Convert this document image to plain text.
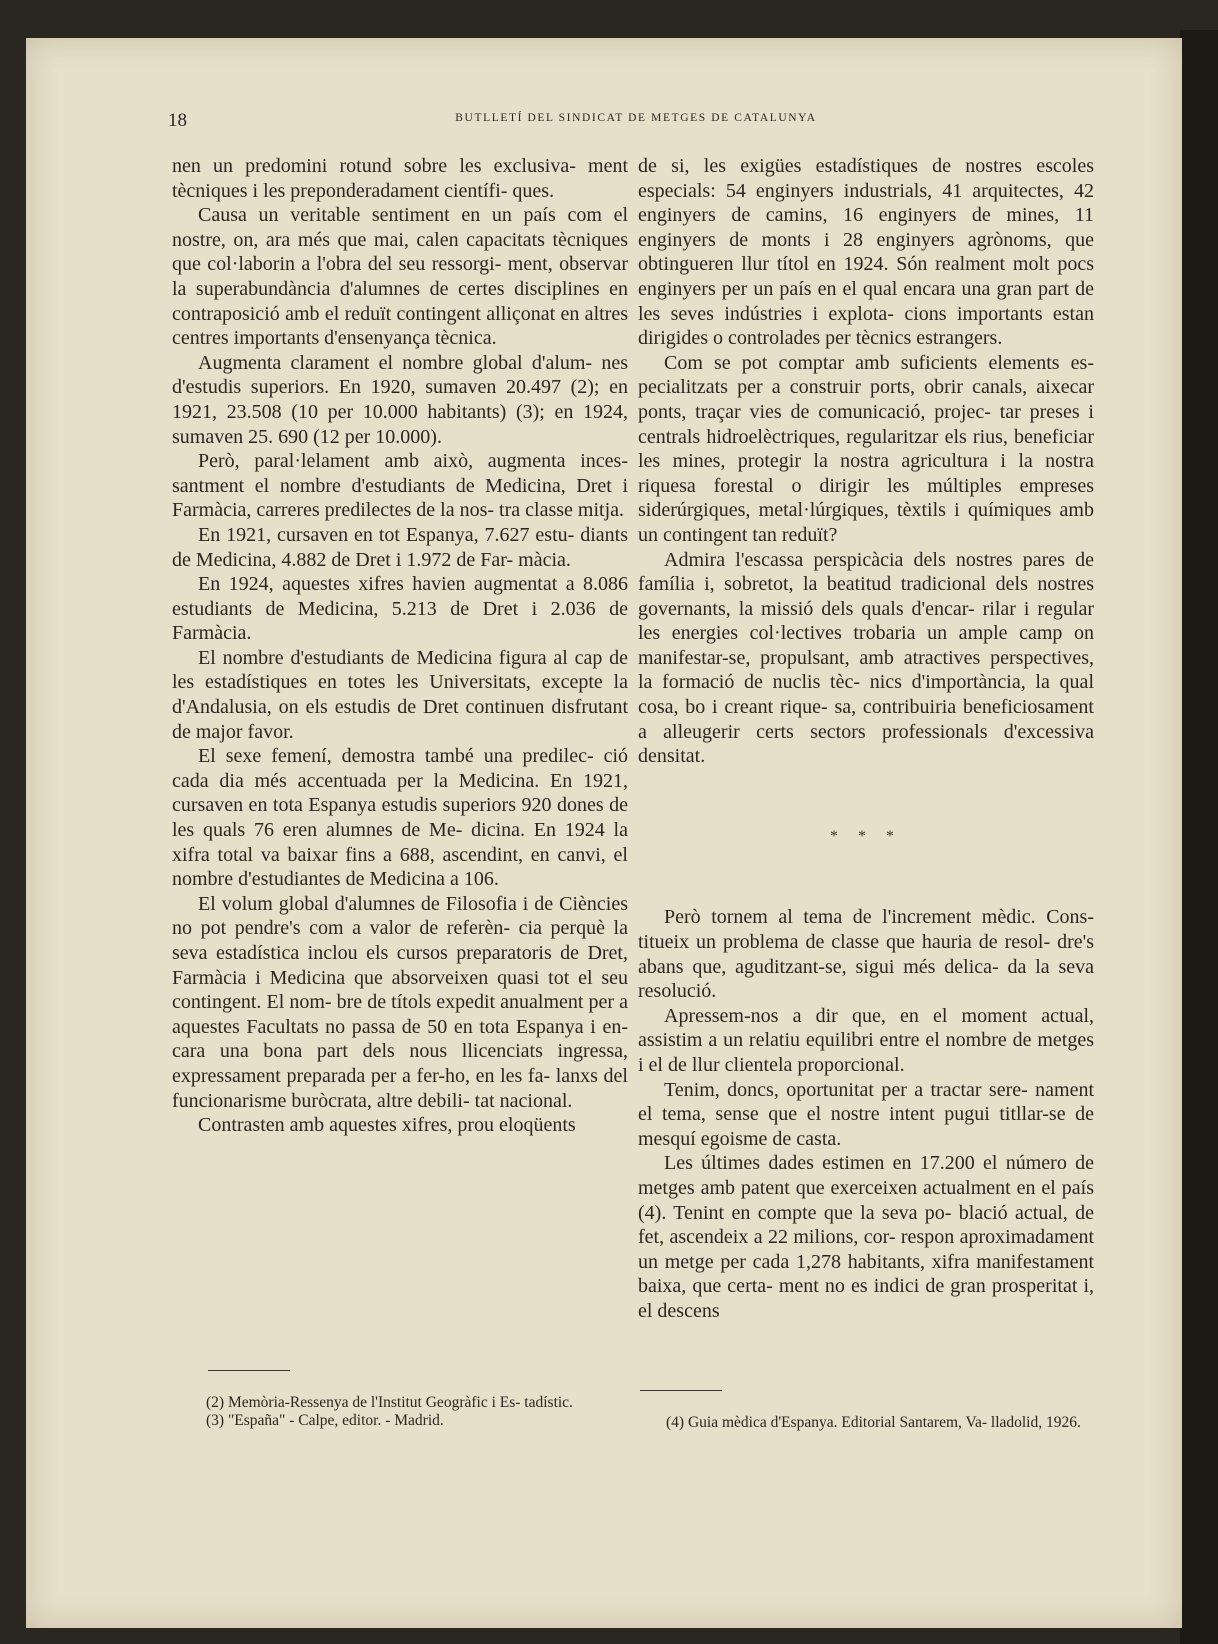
18	BUTLLETÍ DEL SINDICAT DE METGES DE CATALUNYA

nen un predomini rotund sobre les exclusiva- ment tècniques i les preponderadament científi- ques.

Causa un veritable sentiment en un país com el nostre, on, ara més que mai, calen capacitats tècniques que col·laborin a l'obra del seu ressorgi- ment, observar la superabundància d'alumnes de certes disciplines en contraposició amb el reduït contingent alliçonat en altres centres importants d'ensenyança tècnica.

Augmenta clarament el nombre global d'alum- nes d'estudis superiors. En 1920, sumaven 20.497 (2); en 1921, 23.508 (10 per 10.000 habitants) (3); en 1924, sumaven 25. 690 (12 per 10.000).

Però, paral·lelament amb això, augmenta inces- santment el nombre d'estudiants de Medicina, Dret i Farmàcia, carreres predilectes de la nos- tra classe mitja.

En 1921, cursaven en tot Espanya, 7.627 estu- diants de Medicina, 4.882 de Dret i 1.972 de Far- màcia.

En 1924, aquestes xifres havien augmentat a 8.086 estudiants de Medicina, 5.213 de Dret i 2.036 de Farmàcia.

El nombre d'estudiants de Medicina figura al cap de les estadístiques en totes les Universitats, excepte la d'Andalusia, on els estudis de Dret continuen disfrutant de major favor.

El sexe femení, demostra també una predilec- ció cada dia més accentuada per la Medicina. En 1921, cursaven en tota Espanya estudis superiors 920 dones de les quals 76 eren alumnes de Me- dicina. En 1924 la xifra total va baixar fins a 688, ascendint, en canvi, el nombre d'estudiantes de Medicina a 106.

El volum global d'alumnes de Filosofia i de Ciències no pot pendre's com a valor de referèn- cia perquè la seva estadística inclou els cursos preparatoris de Dret, Farmàcia i Medicina que absorveixen quasi tot el seu contingent. El nom- bre de títols expedit anualment per a aquestes Facultats no passa de 50 en tota Espanya i en- cara una bona part dels nous llicenciats ingressa, expressament preparada per a fer-ho, en les fa- lanxs del funcionarisme buròcrata, altre debili- tat nacional.

Contrasten amb aquestes xifres, prou eloqüents

de si, les exigües estadístiques de nostres escoles especials: 54 enginyers industrials, 41 arquitectes, 42 enginyers de camins, 16 enginyers de mines, 11 enginyers de monts i 28 enginyers agrònoms, que obtingueren llur títol en 1924. Són realment molt pocs enginyers per un país en el qual encara una gran part de les seves indústries i explota- cions importants estan dirigides o controlades per tècnics estrangers.

Com se pot comptar amb suficients elements es- pecialitzats per a construir ports, obrir canals, aixecar ponts, traçar vies de comunicació, projec- tar preses i centrals hidroelèctriques, regularitzar els rius, beneficiar les mines, protegir la nostra agricultura i la nostra riquesa forestal o dirigir les múltiples empreses siderúrgiques, metal·lúrgiques, tèxtils i químiques amb un contingent tan reduït?

Admira l'escassa perspicàcia dels nostres pares de família i, sobretot, la beatitud tradicional dels nostres governants, la missió dels quals d'encar- rilar i regular les energies col·lectives trobaria un ample camp on manifestar-se, propulsant, amb atractives perspectives, la formació de nuclis tèc- nics d'importància, la qual cosa, bo i creant rique- sa, contribuiria beneficiosament a alleugerir certs sectors professionals d'excessiva densitat.

* * *

Però tornem al tema de l'increment mèdic. Cons- titueix un problema de classe que hauria de resol- dre's abans que, aguditzant-se, sigui més delica- da la seva resolució.

Apressem-nos a dir que, en el moment actual, assistim a un relatiu equilibri entre el nombre de metges i el de llur clientela proporcional.

Tenim, doncs, oportunitat per a tractar sere- nament el tema, sense que el nostre intent pugui titllar-se de mesquí egoisme de casta.

Les últimes dades estimen en 17.200 el número de metges amb patent que exerceixen actualment en el país (4). Tenint en compte que la seva po- blació actual, de fet, ascendeix a 22 milions, cor- respon aproximadament un metge per cada 1,278 habitants, xifra manifestament baixa, que certa- ment no es indici de gran prosperitat i, el descens

(2) Memòria-Ressenya de l'Institut Geogràfic i Es- tadístic.

(3) "España" - Calpe, editor. - Madrid.	(4) Guia mèdica d'Espanya. Editorial Santarem, Va- lladolid, 1926.
